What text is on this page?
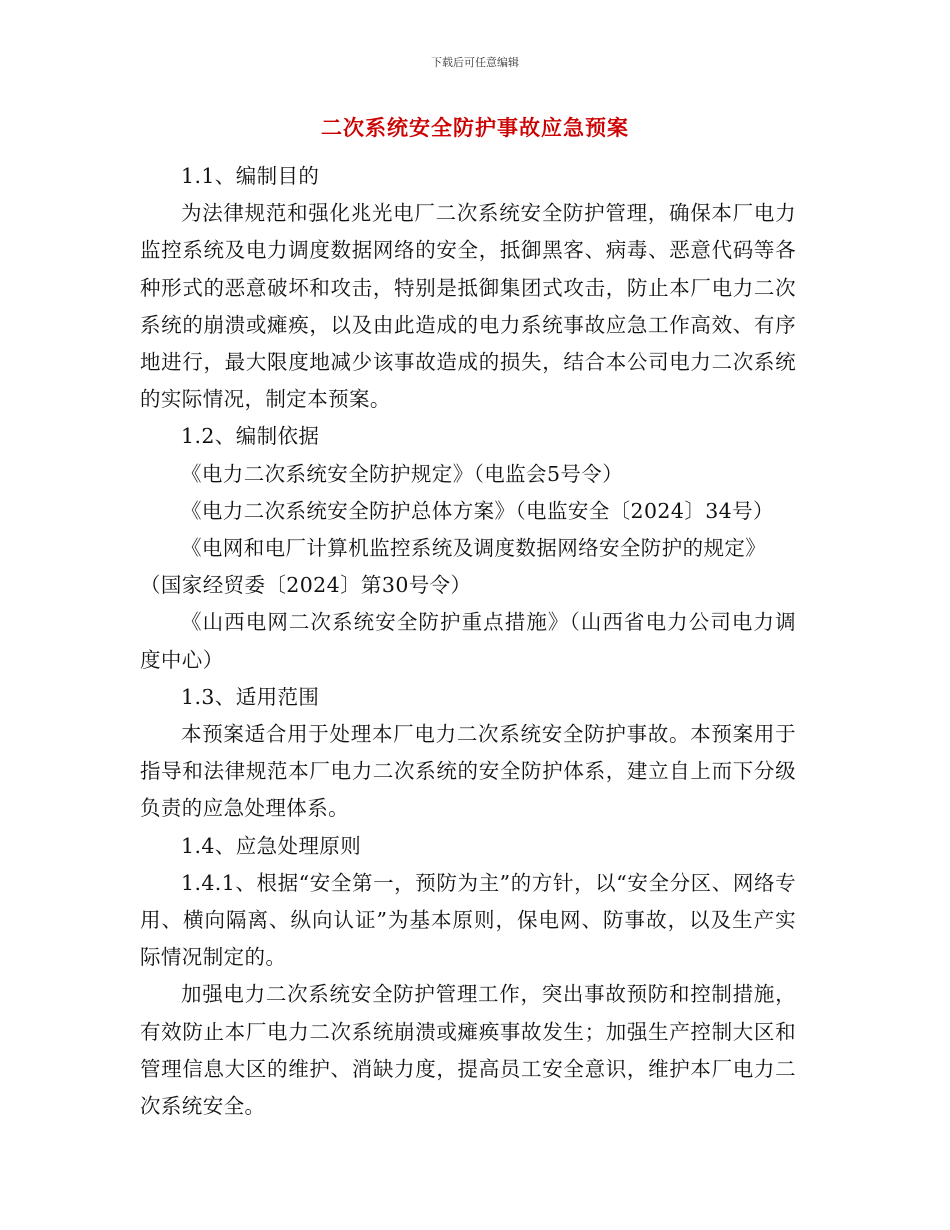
下载后可任意编辑
二次系统安全防护事故应急预案

1.1、编制目的

为法律规范和强化兆光电厂二次系统安全防护管理，确保本厂电力监控系统及电力调度数据网络的安全，抵御黑客、病毒、恶意代码等各种形式的恶意破坏和攻击，特别是抵御集团式攻击，防止本厂电力二次系统的崩溃或瘫痪，以及由此造成的电力系统事故应急工作高效、有序地进行，最大限度地减少该事故造成的损失，结合本公司电力二次系统的实际情况，制定本预案。

1.2、编制依据

《电力二次系统安全防护规定》（电监会5号令）

《电力二次系统安全防护总体方案》（电监安全〔2024〕34号）

《电网和电厂计算机监控系统及调度数据网络安全防护的规定》

（国家经贸委〔2024〕第30号令）

《山西电网二次系统安全防护重点措施》（山西省电力公司电力调度中心）

1.3、适用范围

本预案适合用于处理本厂电力二次系统安全防护事故。本预案用于指导和法律规范本厂电力二次系统的安全防护体系，建立自上而下分级负责的应急处理体系。

1.4、应急处理原则

1.4.1、根据“安全第一，预防为主”的方针，以“安全分区、网络专用、横向隔离、纵向认证”为基本原则，保电网、防事故，以及生产实际情况制定的。

加强电力二次系统安全防护管理工作，突出事故预防和控制措施，有效防止本厂电力二次系统崩溃或瘫痪事故发生；加强生产控制大区和管理信息大区的维护、消缺力度，提高员工安全意识，维护本厂电力二次系统安全。
